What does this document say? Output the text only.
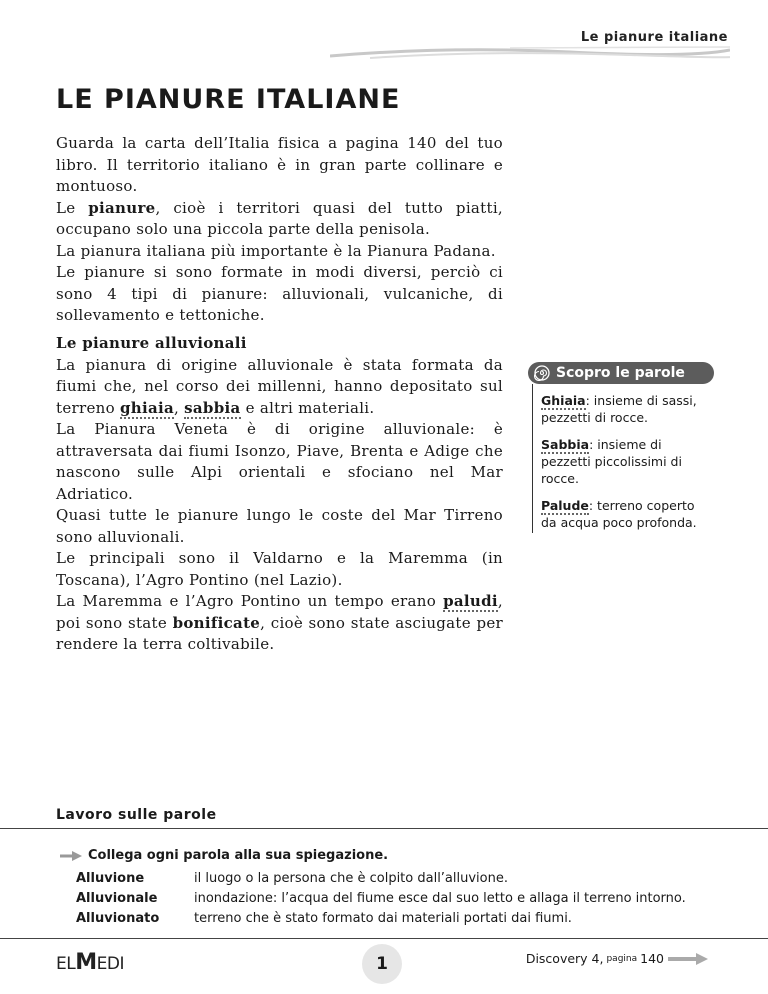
Le pianure italiane
LE PIANURE ITALIANE

Guarda la carta dell’Italia fisica a pagina 140 del tuo libro. Il territorio italiano è in gran parte collinare e montuoso.

Le pianure, cioè i territori quasi del tutto piatti, occupano solo una piccola parte della penisola.

La pianura italiana più importante è la Pianura Padana.

Le pianure si sono formate in modi diversi, perciò ci sono 4 tipi di pianure: alluvionali, vulcaniche, di sollevamento e tettoniche.

Le pianure alluvionali

La pianura di origine alluvionale è stata formata da fiumi che, nel corso dei millenni, hanno depositato sul terreno ghiaia, sabbia e altri materiali.

La Pianura Veneta è di origine alluvionale: è attraversata dai fiumi Isonzo, Piave, Brenta e Adige che nascono sulle Alpi orientali e sfociano nel Mar Adriatico.

Quasi tutte le pianure lungo le coste del Mar Tirreno sono alluvionali.

Le principali sono il Valdarno e la Maremma (in Toscana), l’Agro Pontino (nel Lazio).

La Maremma e l’Agro Pontino un tempo erano paludi, poi sono state bonificate, cioè sono state asciugate per rendere la terra coltivabile.

Scopro le parole
Ghiaia: insieme di sassi, pezzetti di rocce.
Sabbia: insieme di pezzetti piccolissimi di rocce.
Palude: terreno coperto da acqua poco profonda.
Lavoro sulle parole
Collega ogni parola alla sua spiegazione.
Alluvione	il luogo o la persona che è colpito dall’alluvione.
Alluvionale	inondazione: l’acqua del fiume esce dal suo letto e allaga il terreno intorno.
Alluvionato	terreno che è stato formato dai materiali portati dai fiumi.
ELMEDI	1	Discovery 4, pagina 140
